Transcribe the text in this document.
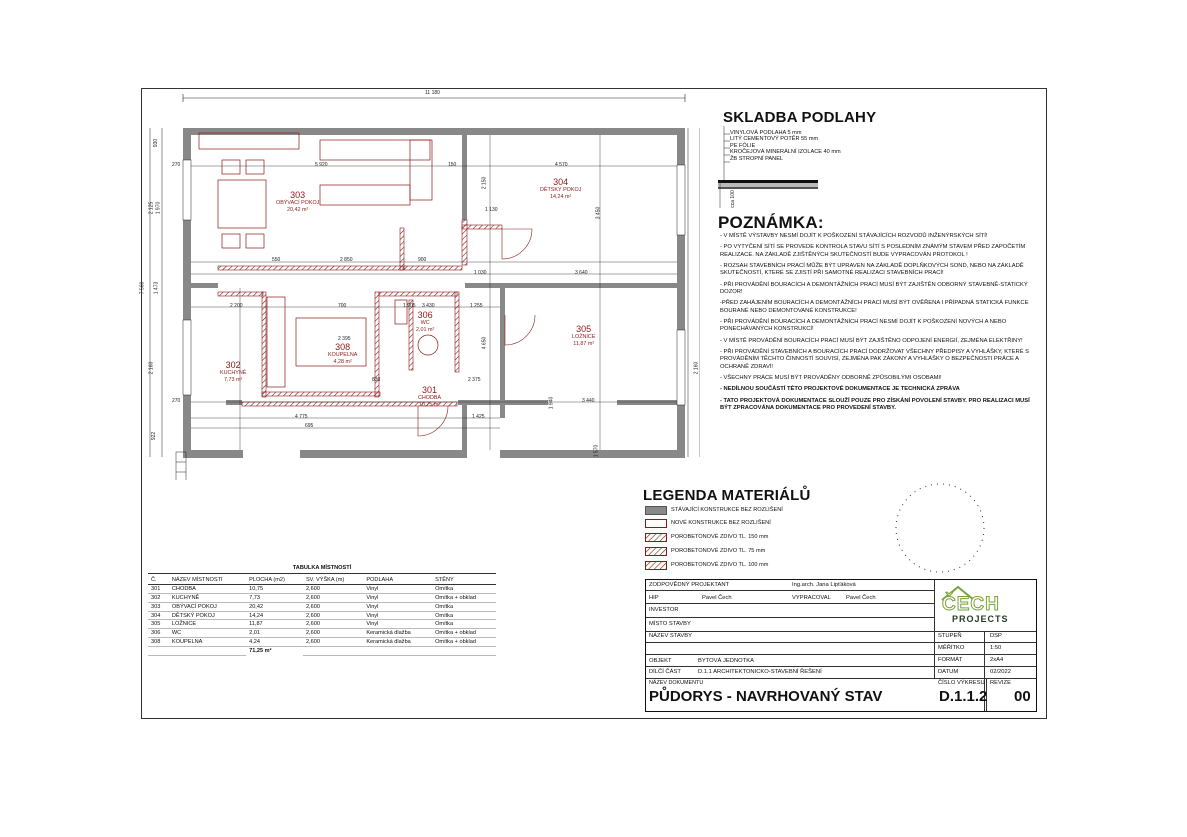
11 180
303
OBÝVACÍ POKOJ
20,42 m²
304
DĚTSKÝ POKOJ
14,24 m²
302
KUCHYNĚ
7,73 m²
308
KOUPELNA
4,28 m²
306
WC
2,01 m²
301
CHODBA
10,75 m²
305
LOŽNICE
11,87 m²
930
1 970
2 125
7 560 1 473
2 160
922
270	5 920	150	4 570
2 150
1 130	3 450
550	2 850	900
1 030	3 640
2 200	700	1 905 3 430	1 255
4 650
2 395
830	2 375
3 440
4 775
695
1 425
1 940
2 160
1 570
270
SKLADBA PODLAHY
VINYLOVÁ PODLAHA 5 mm
LITÝ CEMENTOVÝ POTĚR 55 mm
PE FÓLIE
KROČEJOVÁ MINERÁLNÍ IZOLACE 40 mm
ŽB STROPNÍ PANEL
cca 100
POZNÁMKA:

- V MÍSTĚ VÝSTAVBY NESMÍ DOJÍT K POŠKOZENÍ STÁVAJÍCÍCH ROZVODŮ INŽENÝRSKÝCH SÍTÍ!

- PO VYTYČENÍ SÍTÍ SE PROVEDE KONTROLA STAVU SÍTÍ S POSLEDNÍM ZNÁMÝM STAVEM PŘED ZAPOČETÍM REALIZACE. NA ZÁKLADĚ ZJIŠTĚNÝCH SKUTEČNOSTÍ BUDE VYPRACOVÁN PROTOKOL !

- ROZSAH STAVEBNÍCH PRACÍ MŮŽE BÝT UPRAVEN NA ZÁKLADĚ DOPLŇKOVÝCH SOND, NEBO NA ZÁKLADĚ SKUTEČNOSTÍ, KTERÉ SE ZJISTÍ PŘI SAMOTNÉ REALIZACI STAVEBNÍCH PRACÍ!

- PŘI PROVÁDĚNÍ BOURACÍCH A DEMONTÁŽNÍCH PRACÍ MUSÍ BÝT ZAJIŠTĚN ODBORNÝ STAVEBNĚ-STATICKÝ DOZOR!

-PŘED ZAHÁJENÍM BOURACÍCH A DEMONTÁŽNÍCH PRACÍ MUSÍ BÝT OVĚŘENA I PŘÍPADNÁ STATICKÁ FUNKCE BOURANÉ NEBO DEMONTOVANÉ KONSTRUKCE!

- PŘI PROVÁDĚNÍ BOURACÍCH A DEMONTÁŽNÍCH PRACÍ NESMÍ DOJÍT K POŠKOZENÍ NOVÝCH A NEBO PONECHÁVANÝCH KONSTRUKCÍ!

- V MÍSTĚ PROVÁDĚNÍ BOURACÍCH PRACÍ MUSÍ BÝT ZAJIŠTĚNO ODPOJENÍ ENERGIÍ, ZEJMÉNA ELEKTŘINY!

- PŘI PROVÁDĚNÍ STAVEBNÍCH A BOURACÍCH PRACÍ DODRŽOVAT VŠECHNY PŘEDPISY A VYHLÁŠKY, KTERÉ S PROVÁDĚNÍM TĚCHTO ČINNOSTÍ SOUVISÍ, ZEJMÉNA PAK ZÁKONY A VYHLÁŠKY O BEZPEČNOSTI PRÁCE A OCHRANĚ ZDRAVÍ!

- VŠECHNY PRÁCE MUSÍ BÝT PROVÁDĚNY ODBORNĚ ZPŮSOBILÝMI OSOBAMI!

- NEDÍLNOU SOUČÁSTÍ TÉTO PROJEKTOVÉ DOKUMENTACE JE TECHNICKÁ ZPRÁVA

- TATO PROJEKTOVÁ DOKUMENTACE SLOUŽÍ POUZE PRO ZÍSKÁNÍ POVOLENÍ STAVBY. PRO REALIZACI MUSÍ BÝT ZPRACOVÁNA DOKUMENTACE PRO PROVEDENÍ STAVBY.

LEGENDA MATERIÁLŮ
STÁVAJÍCÍ KONSTRUKCE BEZ ROZLIŠENÍ
NOVÉ KONSTRUKCE BEZ ROZLIŠENÍ
POROBETONOVÉ ZDIVO TL. 150 mm
POROBETONOVÉ ZDIVO TL. 75 mm
POROBETONOVÉ ZDIVO TL. 100 mm
TABULKA MÍSTNOSTÍ
Č.	NÁZEV MÍSTNOSTI	PLOCHA (m2)	SV. VÝŠKA (m)	PODLAHA	STĚNY
301	CHODBA	10,75	2,600	Vinyl	Omítka
302	KUCHYNĚ	7,73	2,600	Vinyl	Omítka + obklad
303	OBÝVACÍ POKOJ	20,42	2,600	Vinyl	Omítka
304	DĚTSKÝ POKOJ	14,24	2,600	Vinyl	Omítka
305	LOŽNICE	11,87	2,600	Vinyl	Omítka
306	WC	2,01	2,600	Keramická dlažba	Omítka + obklad
308	KOUPELNA	4,24	2,600	Keramická dlažba	Omítka + obklad
		71,25 m²			
ZODPOVĚDNÝ PROJEKTANT	Ing.arch. Jana Lipťáková
HIP	Pavel Čech	VYPRACOVAL	Pavel Čech
INVESTOR
MÍSTO STAVBY
NÁZEV STAVBY
OBJEKT	BYTOVÁ JEDNOTKA
DÍLČÍ ČÁST	D.1.1 ARCHITEKTONICKO-STAVEBNÍ ŘEŠENÍ
NÁZEV DOKUMENTU
PŮDORYS - NAVRHOVANÝ STAV
STUPEŇ	DSP
MĚŘÍTKO	1:50
FORMÁT	2xA4
DATUM	02/2022
ČÍSLO VÝKRESU
D.1.1.2
REVIZE
00
ČECH
PROJECTS
